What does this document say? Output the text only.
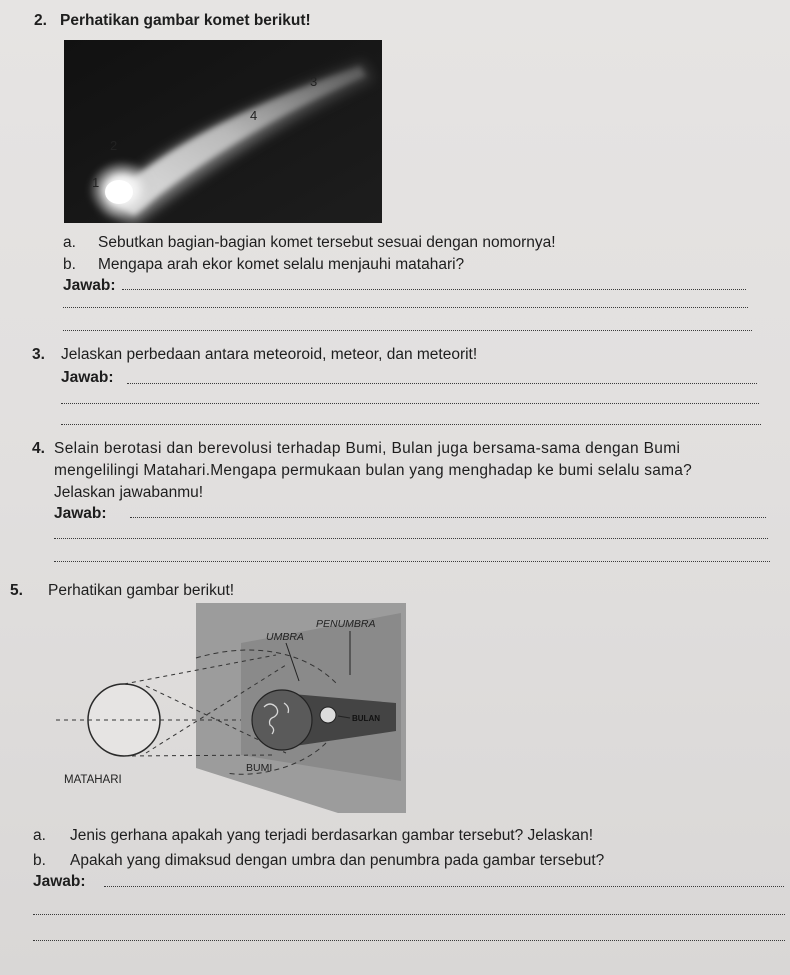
2. Perhatikan gambar komet berikut!
1
2
4
3
a. Sebutkan bagian-bagian komet tersebut sesuai dengan nomornya!
b. Mengapa arah ekor komet selalu menjauhi matahari?
Jawab:
3. Jelaskan perbedaan antara meteoroid, meteor, dan meteorit!
Jawab:
4. Selain berotasi dan berevolusi terhadap Bumi, Bulan juga bersama-sama dengan Bumi
mengelilingi Matahari.Mengapa permukaan bulan yang menghadap ke bumi selalu sama?
Jelaskan jawabanmu!
Jawab:
5. Perhatikan gambar berikut!
PENUMBRA
UMBRA
BULAN
BUMI
MATAHARI
a. Jenis gerhana apakah yang terjadi berdasarkan gambar tersebut? Jelaskan!
b. Apakah yang dimaksud dengan umbra dan penumbra pada gambar tersebut?
Jawab:
